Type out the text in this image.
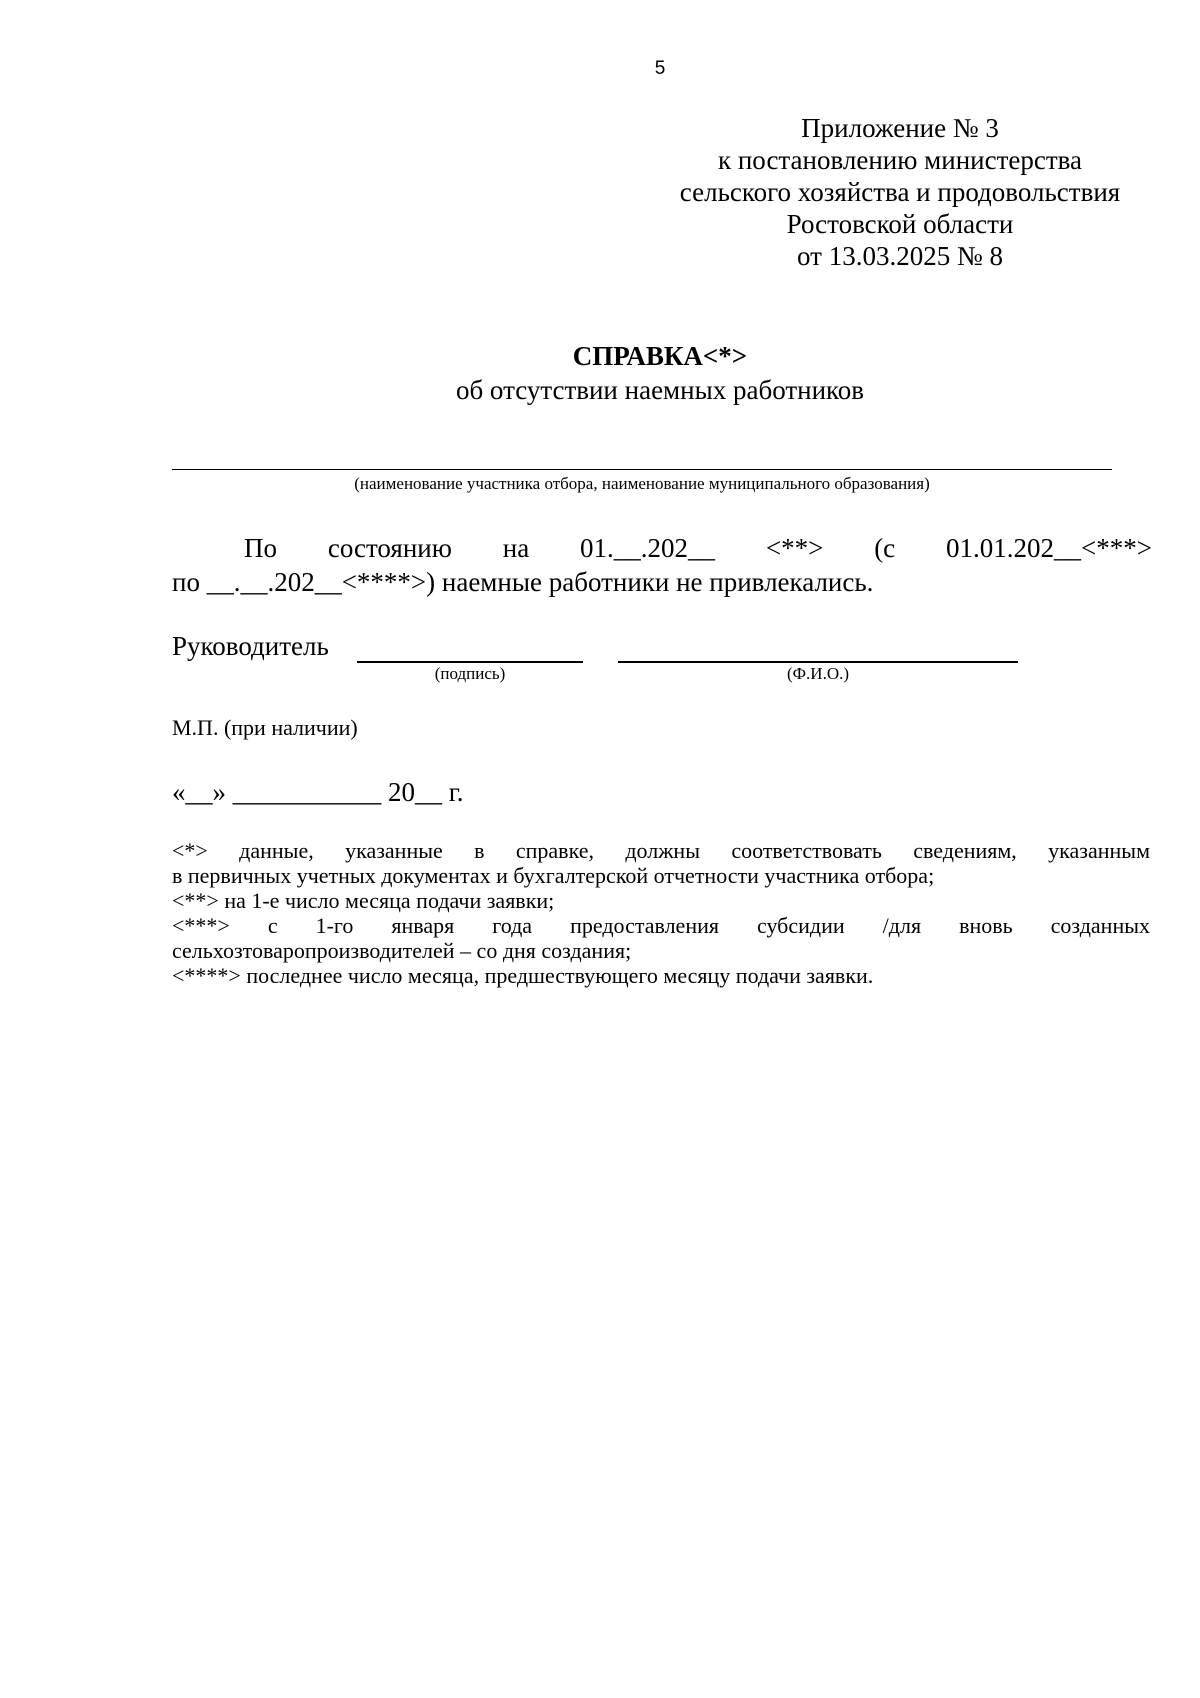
5
Приложение № 3
к постановлению министерства
сельского хозяйства и продовольствия
Ростовской области
от 13.03.2025 № 8
СПРАВКА<*>
об отсутствии наемных работников
(наименование участника отбора, наименование муниципального образования)
По состоянию на 01.__.202__ <**> (с 01.01.202__<***>
по __.__.202__<****>) наемные работники не привлекались.
Руководитель
(подпись)	(Ф.И.О.)
М.П. (при наличии)
«__» ___________ 20__ г.

<*> данные, указанные в справке, должны соответствовать сведениям, указанным

в первичных учетных документах и бухгалтерской отчетности участника отбора;

<**> на 1-е число месяца подачи заявки;

<***> с 1-го января года предоставления субсидии /для вновь созданных

сельхозтоваропроизводителей – со дня создания;

<****> последнее число месяца, предшествующего месяцу подачи заявки.
